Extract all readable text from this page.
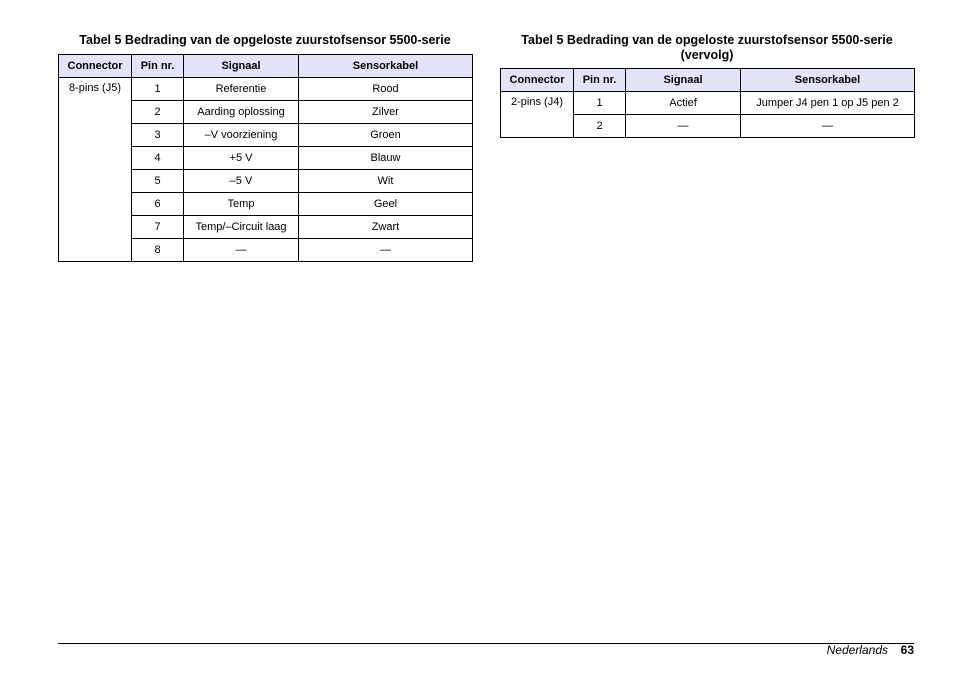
Tabel 5 Bedrading van de opgeloste zuurstofsensor 5500-serie
Connector	Pin nr.	Signaal	Sensorkabel
8-pins (J5)	1	Referentie	Rood
	2	Aarding oplossing	Zilver
	3	–V voorziening	Groen
	4	+5 V	Blauw
	5	–5 V	Wit
	6	Temp	Geel
	7	Temp/–Circuit laag	Zwart
	8	—	—
Tabel 5 Bedrading van de opgeloste zuurstofsensor 5500-serie
(vervolg)
Connector	Pin nr.	Signaal	Sensorkabel
2-pins (J4)	1	Actief	Jumper J4 pen 1 op J5 pen 2
	2	—	—
Nederlands 63
